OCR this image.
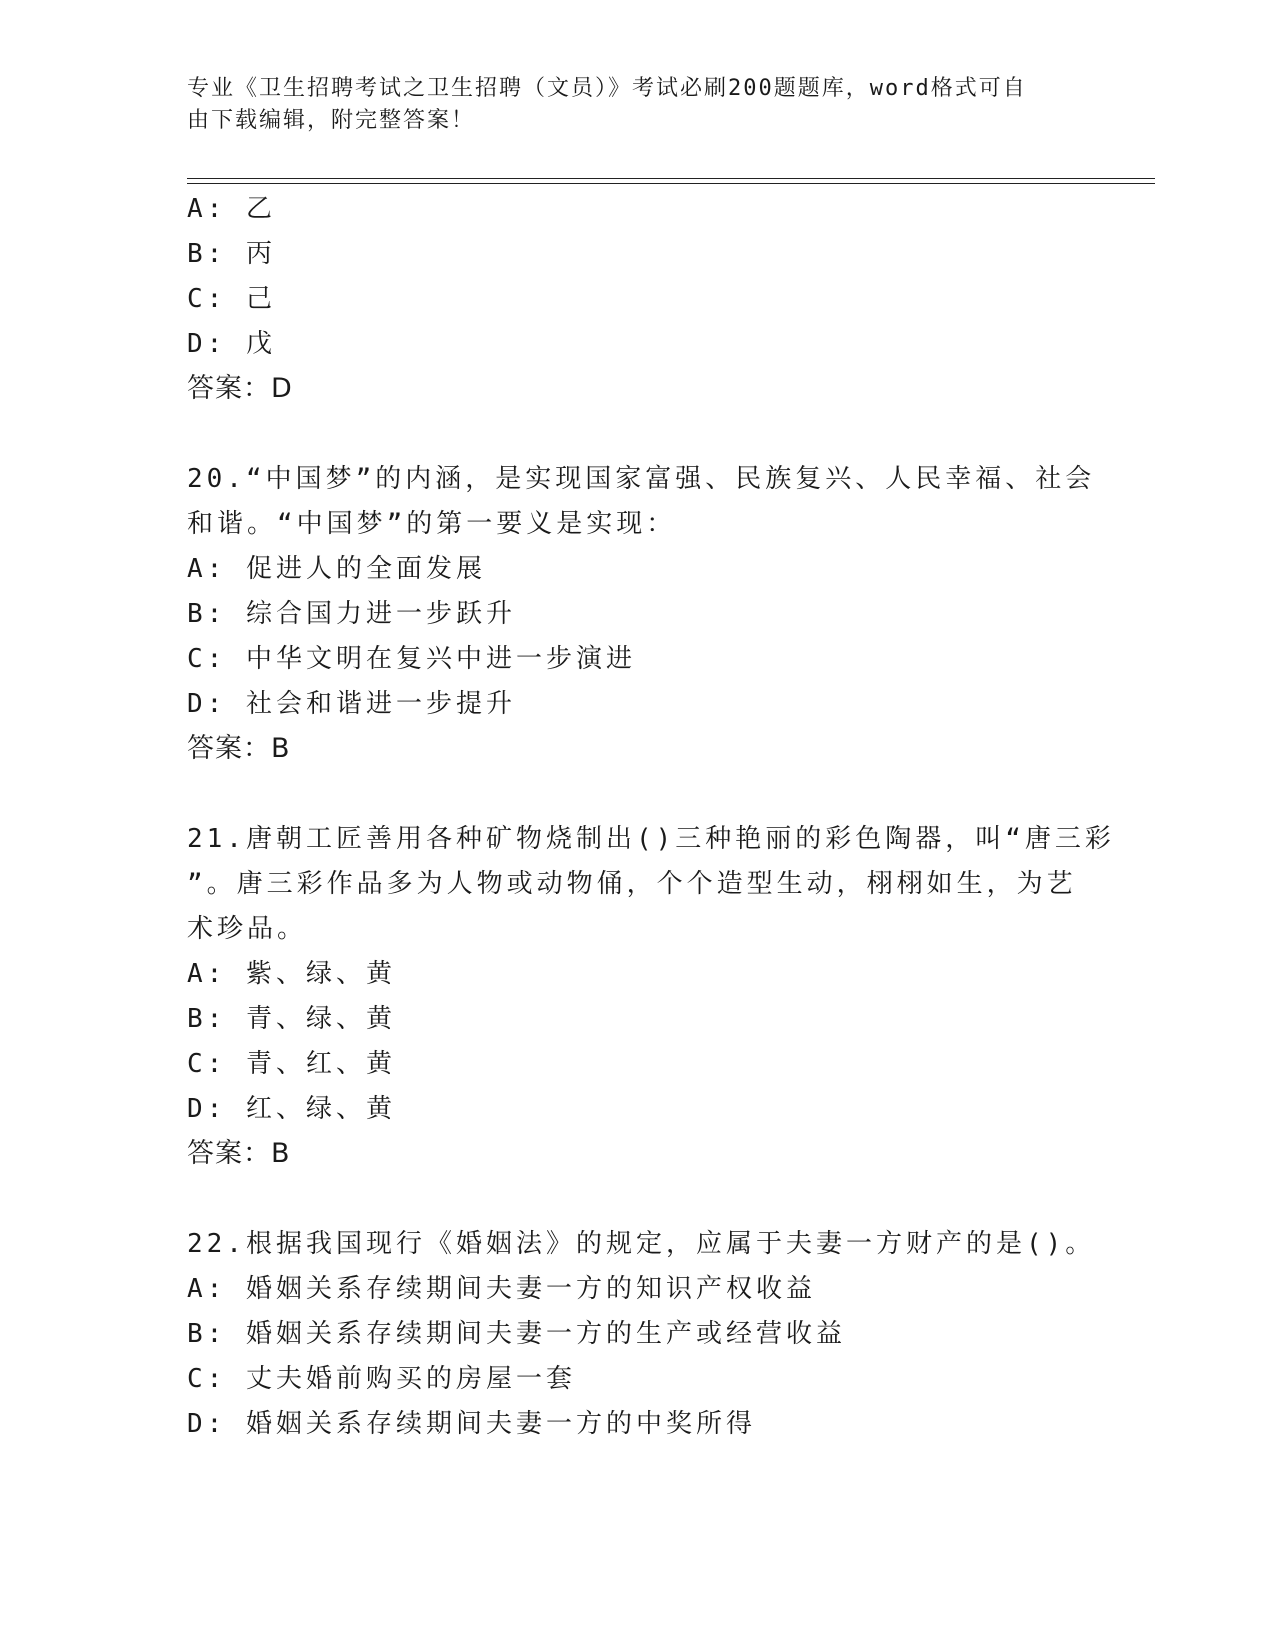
专业《卫生招聘考试之卫生招聘（文员）》考试必刷200题题库，word格式可自
由下载编辑，附完整答案！
A: 乙
B: 丙
C: 己
D: 戊
答案：D
20.“中国梦”的内涵，是实现国家富强、民族复兴、人民幸福、社会
和谐。“中国梦”的第一要义是实现：
A: 促进人的全面发展
B: 综合国力进一步跃升
C: 中华文明在复兴中进一步演进
D: 社会和谐进一步提升
答案：B
21.唐朝工匠善用各种矿物烧制出()三种艳丽的彩色陶器，叫“唐三彩
”。唐三彩作品多为人物或动物俑，个个造型生动，栩栩如生，为艺
术珍品。
A: 紫、绿、黄
B: 青、绿、黄
C: 青、红、黄
D: 红、绿、黄
答案：B
22.根据我国现行《婚姻法》的规定，应属于夫妻一方财产的是()。
A: 婚姻关系存续期间夫妻一方的知识产权收益
B: 婚姻关系存续期间夫妻一方的生产或经营收益
C: 丈夫婚前购买的房屋一套
D: 婚姻关系存续期间夫妻一方的中奖所得
